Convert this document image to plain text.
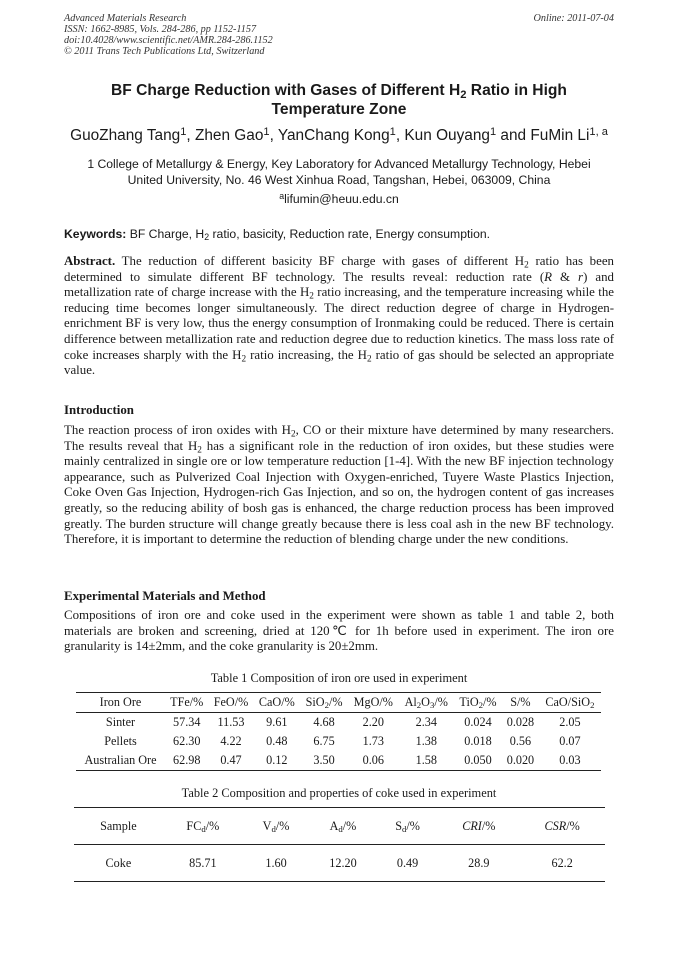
Advanced Materials Research
ISSN: 1662-8985, Vols. 284-286, pp 1152-1157
doi:10.4028/www.scientific.net/AMR.284-286.1152
© 2011 Trans Tech Publications Ltd, Switzerland
Online: 2011-07-04
BF Charge Reduction with Gases of Different $H_2$ Ratio in High
Temperature Zone
GuoZhang Tang$^1$, Zhen Gao$^1$, YanChang Kong$^1$, Kun Ouyang$^1$ and FuMin Li$^{1, a}$
1 College of Metallurgy & Energy, Key Laboratory for Advanced Metallurgy Technology, Hebei
United University, No. 46 West Xinhua Road, Tangshan, Hebei, 063009, China
$^a$lifumin@heuu.edu.cn
Keywords: BF Charge, $H_2$ ratio, basicity, Reduction rate, Energy consumption.
Abstract. The reduction of different basicity BF charge with gases of different $H_2$ ratio has been determined to simulate different BF technology. The results reveal: reduction rate (R & r) and metallization rate of charge increase with the $H_2$ ratio increasing, and the temperature increasing while the reducing time becomes longer simultaneously. The direct reduction degree of charge in Hydrogen-enrichment BF is very low, thus the energy consumption of Ironmaking could be reduced. There is certain difference between metallization rate and reduction degree due to reduction kinetics. The mass loss rate of coke increases sharply with the $H_2$ ratio increasing, the $H_2$ ratio of gas should be selected an appropriate value.
Introduction
The reaction process of iron oxides with $H_2$, CO or their mixture have determined by many researchers. The results reveal that $H_2$ has a significant role in the reduction of iron oxides, but these studies were mainly centralized in single ore or low temperature reduction [1-4]. With the new BF injection technology appearance, such as Pulverized Coal Injection with Oxygen-enriched, Tuyere Waste Plastics Injection, Coke Oven Gas Injection, Hydrogen-rich Gas Injection, and so on, the hydrogen content of gas increases greatly, so the reducing ability of bosh gas is enhanced, the charge reduction process has been improved greatly. The burden structure will change greatly because there is less coal ash in the new BF technology. Therefore, it is important to determine the reduction of blending charge under the new conditions.
Experimental Materials and Method
Compositions of iron ore and coke used in the experiment were shown as table 1 and table 2, both materials are broken and screening, dried at 120℃ for 1h before used in experiment. The iron ore granularity is 14±2mm, and the coke granularity is 20±2mm.
Table 1 Composition of iron ore used in experiment
Iron Ore	TFe/%	FeO/%	CaO/%	SiO$_2$/%	MgO/%	$Al_2O_3/\%$	TiO$_2$/%	S/%	CaO/SiO$_2$
Sinter	57.34	11.53	9.61	4.68	2.20	2.34	0.024	0.028	2.05
Pellets	62.30	4.22	0.48	6.75	1.73	1.38	0.018	0.56	0.07
Australian Ore	62.98	0.47	0.12	3.50	0.06	1.58	0.050	0.020	0.03
Table 2 Composition and properties of coke used in experiment
Sample	$FC_d/\%$	$V_d/\%$	$A_d/\%$	$S_d/\%$	CRI/%	CSR/%
Coke	85.71	1.60	12.20	0.49	28.9	62.2
